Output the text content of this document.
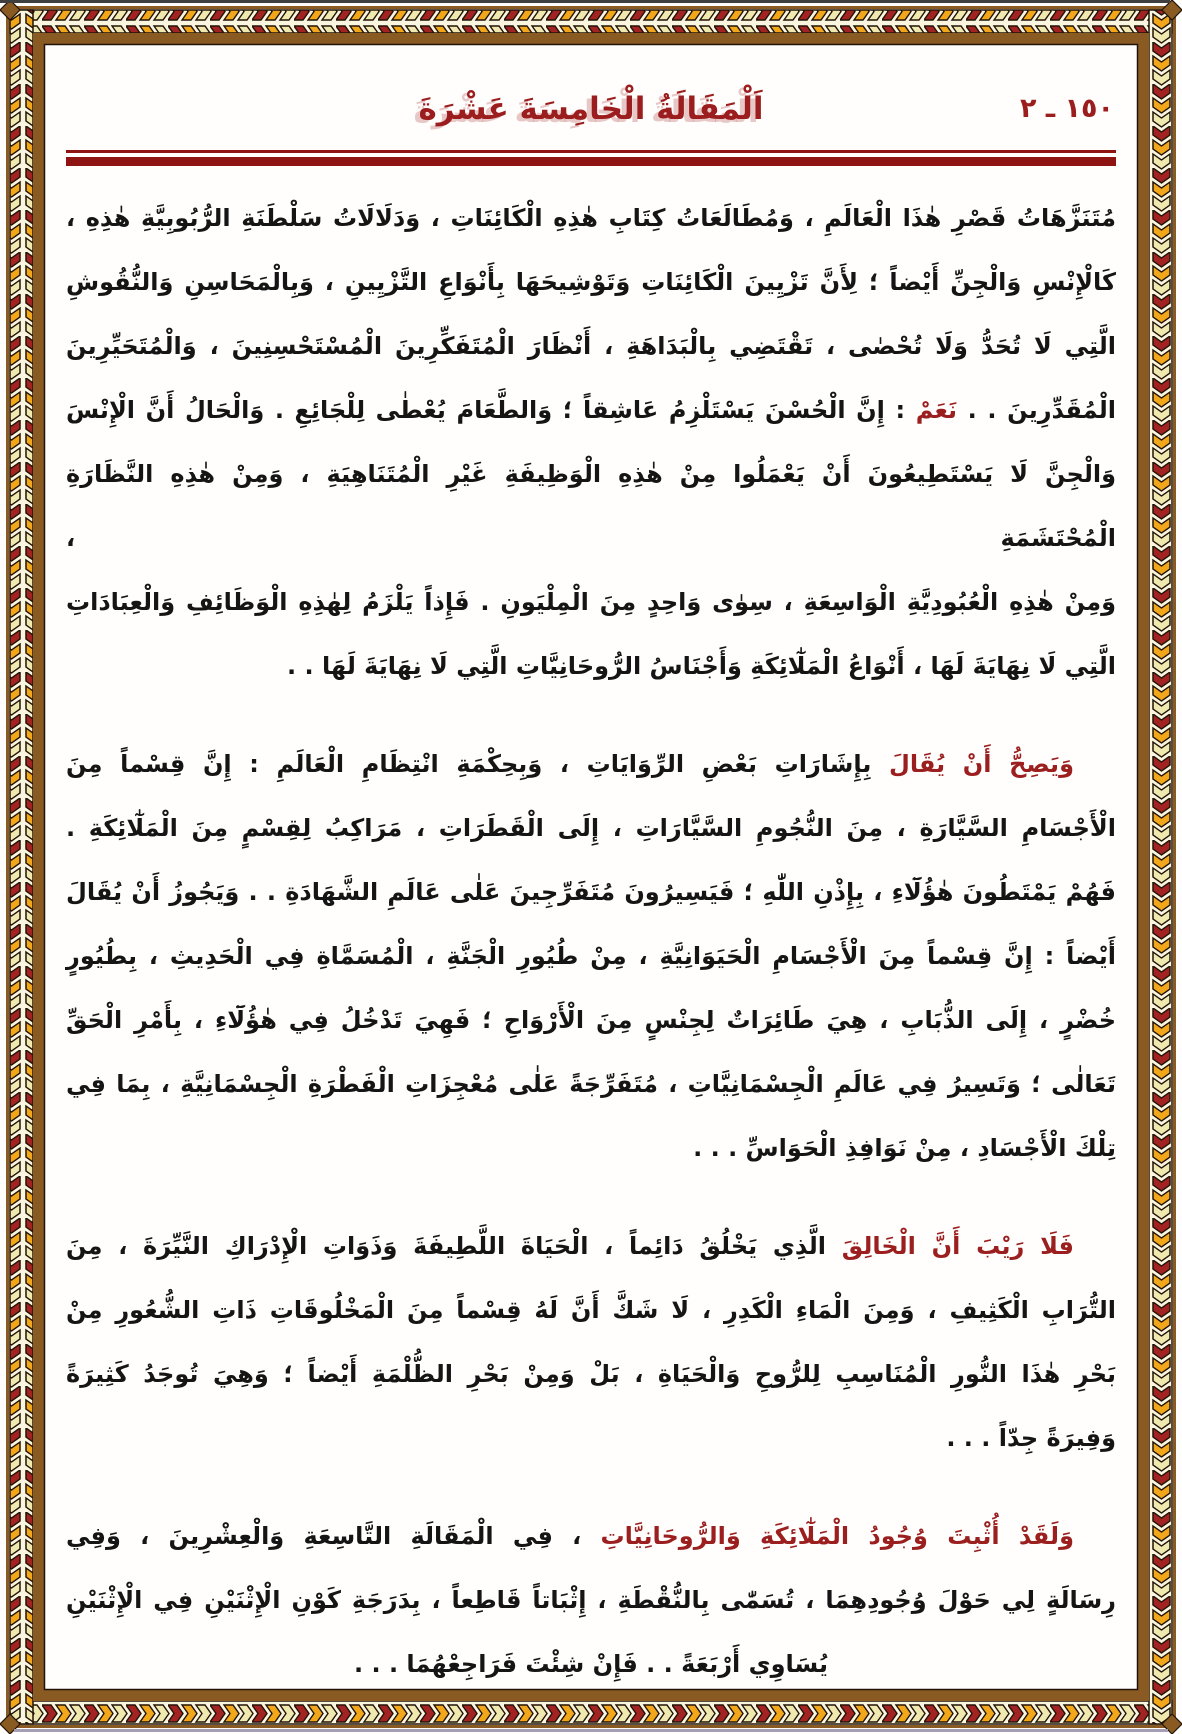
اَلْمَقَالَةُ الْخَامِسَةَ عَشْرَةَ	١٥٠ ـ ٢
مُتَنَزَّهَاتُ قَصْرِ هٰذَا الْعَالَمِ ، وَمُطَالَعَاتُ كِتَابِ هٰذِهِ الْكَائِنَاتِ ، وَدَلَالَاتُ سَلْطَنَةِ الرُّبُوبِيَّةِ هٰذِهِ ،
كَالْإِنْسِ وَالْجِنِّ أَيْضاً ؛ لِأَنَّ تَزْيِينَ الْكَائِنَاتِ وَتَوْشِيحَهَا بِأَنْوَاعِ التَّزْيِينِ ، وَبِالْمَحَاسِنِ وَالنُّقُوشِ
الَّتِي لَا تُحَدُّ وَلَا تُحْصٰى ، تَقْتَضِي بِالْبَدَاهَةِ ، أَنْظَارَ الْمُتَفَكِّرِينَ الْمُسْتَحْسِنِينَ ، وَالْمُتَحَيِّرِينَ
الْمُقَدِّرِينَ . . نَعَمْ : إِنَّ الْحُسْنَ يَسْتَلْزِمُ عَاشِقاً ؛ وَالطَّعَامَ يُعْطٰى لِلْجَائِعِ . وَالْحَالُ أَنَّ الْإِنْسَ
وَالْجِنَّ لَا يَسْتَطِيعُونَ أَنْ يَعْمَلُوا مِنْ هٰذِهِ الْوَظِيفَةِ غَيْرِ الْمُتَنَاهِيَةِ ، وَمِنْ هٰذِهِ النَّظَارَةِ الْمُحْتَشَمَةِ ،
وَمِنْ هٰذِهِ الْعُبُودِيَّةِ الْوَاسِعَةِ ، سِوٰى وَاحِدٍ مِنَ الْمِلْيَونِ . فَإِذاً يَلْزَمُ لِهٰذِهِ الْوَظَائِفِ وَالْعِبَادَاتِ
الَّتِي لَا نِهَايَةَ لَهَا ، أَنْوَاعُ الْمَلٰٓائِكَةِ وَأَجْنَاسُ الرُّوحَانِيَّاتِ الَّتِي لَا نِهَايَةَ لَهَا . .
وَيَصِحُّ أَنْ يُقَالَ بِإِشَارَاتِ بَعْضِ الرِّوَايَاتِ ، وَبِحِكْمَةِ انْتِظَامِ الْعَالَمِ : إِنَّ قِسْماً مِنَ
الْأَجْسَامِ السَّيَّارَةِ ، مِنَ النُّجُومِ السَّيَّارَاتِ ، إِلَى الْقَطَرَاتِ ، مَرَاكِبُ لِقِسْمٍ مِنَ الْمَلٰٓائِكَةِ .
فَهُمْ يَمْتَطُونَ هٰؤُلَٓاءِ ، بِإِذْنِ اللّٰهِ ؛ فَيَسِيرُونَ مُتَفَرِّجِينَ عَلٰى عَالَمِ الشَّهَادَةِ . . وَيَجُوزُ أَنْ يُقَالَ
أَيْضاً : إِنَّ قِسْماً مِنَ الْأَجْسَامِ الْحَيَوَانِيَّةِ ، مِنْ طُيُورِ الْجَنَّةِ ، الْمُسَمَّاةِ فِي الْحَدِيثِ ، بِطُيُورٍ
خُضْرٍ ، إِلَى الذُّبَابِ ، هِيَ طَائِرَاتٌ لِجِنْسٍ مِنَ الْأَرْوَاحِ ؛ فَهِيَ تَدْخُلُ فِي هٰؤُلَٓاءِ ، بِأَمْرِ الْحَقِّ
تَعَالٰى ؛ وَتَسِيرُ فِي عَالَمِ الْجِسْمَانِيَّاتِ ، مُتَفَرِّجَةً عَلٰى مُعْجِزَاتِ الْفَطْرَةِ الْجِسْمَانِيَّةِ ، بِمَا فِي
تِلْكَ الْأَجْسَادِ ، مِنْ نَوَافِذِ الْحَوَاسِّ . . .
فَلَا رَيْبَ أَنَّ الْخَالِقَ الَّذِي يَخْلُقُ دَائِماً ، الْحَيَاةَ اللَّطِيفَةَ وَذَوَاتِ الْإِدْرَاكِ النَّيِّرَةَ ، مِنَ
التُّرَابِ الْكَثِيفِ ، وَمِنَ الْمَاءِ الْكَدِرِ ، لَا شَكَّ أَنَّ لَهُ قِسْماً مِنَ الْمَخْلُوقَاتِ ذَاتِ الشُّعُورِ مِنْ
بَحْرِ هٰذَا النُّورِ الْمُنَاسِبِ لِلرُّوحِ وَالْحَيَاةِ ، بَلْ وَمِنْ بَحْرِ الظُّلْمَةِ أَيْضاً ؛ وَهِيَ تُوجَدُ كَثِيرَةً
وَفِيرَةً جِدّاً . . .
وَلَقَدْ أُثْبِتَ وُجُودُ الْمَلٰٓائِكَةِ وَالرُّوحَانِيَّاتِ ، فِي الْمَقَالَةِ التَّاسِعَةِ وَالْعِشْرِينَ ، وَفِي
رِسَالَةٍ لِي حَوْلَ وُجُودِهِمَا ، تُسَمّٰى بِالنُّقْطَةِ ، إِثْبَاتاً قَاطِعاً ، بِدَرَجَةِ كَوْنِ الْإِثْنَيْنِ فِي الْإِثْنَيْنِ
يُسَاوِي أَرْبَعَةً . . فَإِنْ شِئْتَ فَرَاجِعْهُمَا . . .
